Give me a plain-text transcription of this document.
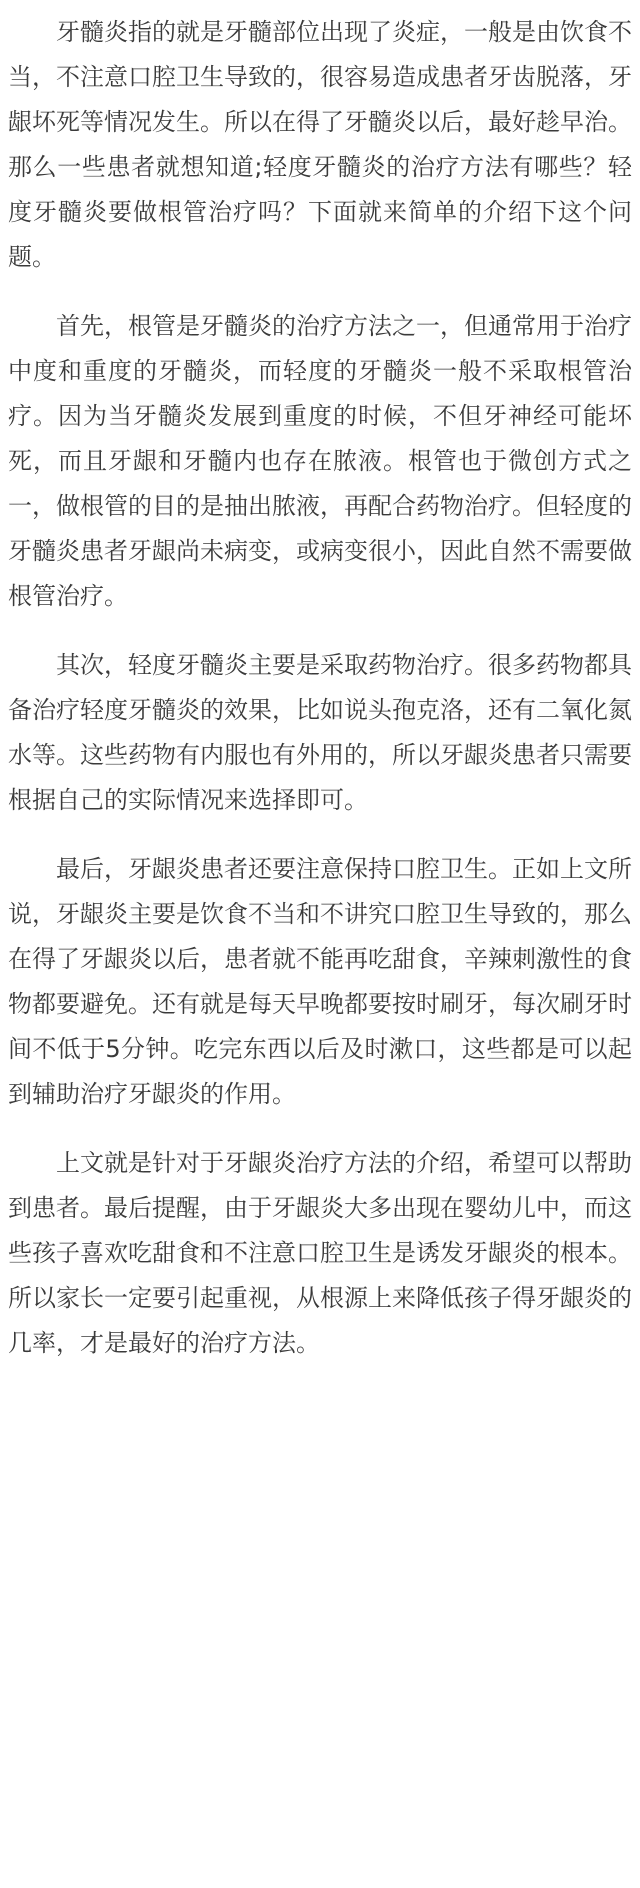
牙髓炎指的就是牙髓部位出现了炎症，一般是由饮食不当，不注意口腔卫生导致的，很容易造成患者牙齿脱落，牙龈坏死等情况发生。所以在得了牙髓炎以后，最好趁早治。那么一些患者就想知道;轻度牙髓炎的治疗方法有哪些？轻度牙髓炎要做根管治疗吗？下面就来简单的介绍下这个问题。

首先，根管是牙髓炎的治疗方法之一，但通常用于治疗中度和重度的牙髓炎，而轻度的牙髓炎一般不采取根管治疗。因为当牙髓炎发展到重度的时候，不但牙神经可能坏死，而且牙龈和牙髓内也存在脓液。根管也于微创方式之一，做根管的目的是抽出脓液，再配合药物治疗。但轻度的牙髓炎患者牙龈尚未病变，或病变很小，因此自然不需要做根管治疗。

其次，轻度牙髓炎主要是采取药物治疗。很多药物都具备治疗轻度牙髓炎的效果，比如说头孢克洛，还有二氧化氮水等。这些药物有内服也有外用的，所以牙龈炎患者只需要根据自己的实际情况来选择即可。

最后，牙龈炎患者还要注意保持口腔卫生。正如上文所说，牙龈炎主要是饮食不当和不讲究口腔卫生导致的，那么在得了牙龈炎以后，患者就不能再吃甜食，辛辣刺激性的食物都要避免。还有就是每天早晚都要按时刷牙，每次刷牙时间不低于5分钟。吃完东西以后及时漱口，这些都是可以起到辅助治疗牙龈炎的作用。

上文就是针对于牙龈炎治疗方法的介绍，希望可以帮助到患者。最后提醒，由于牙龈炎大多出现在婴幼儿中，而这些孩子喜欢吃甜食和不注意口腔卫生是诱发牙龈炎的根本。所以家长一定要引起重视，从根源上来降低孩子得牙龈炎的几率，才是最好的治疗方法。
